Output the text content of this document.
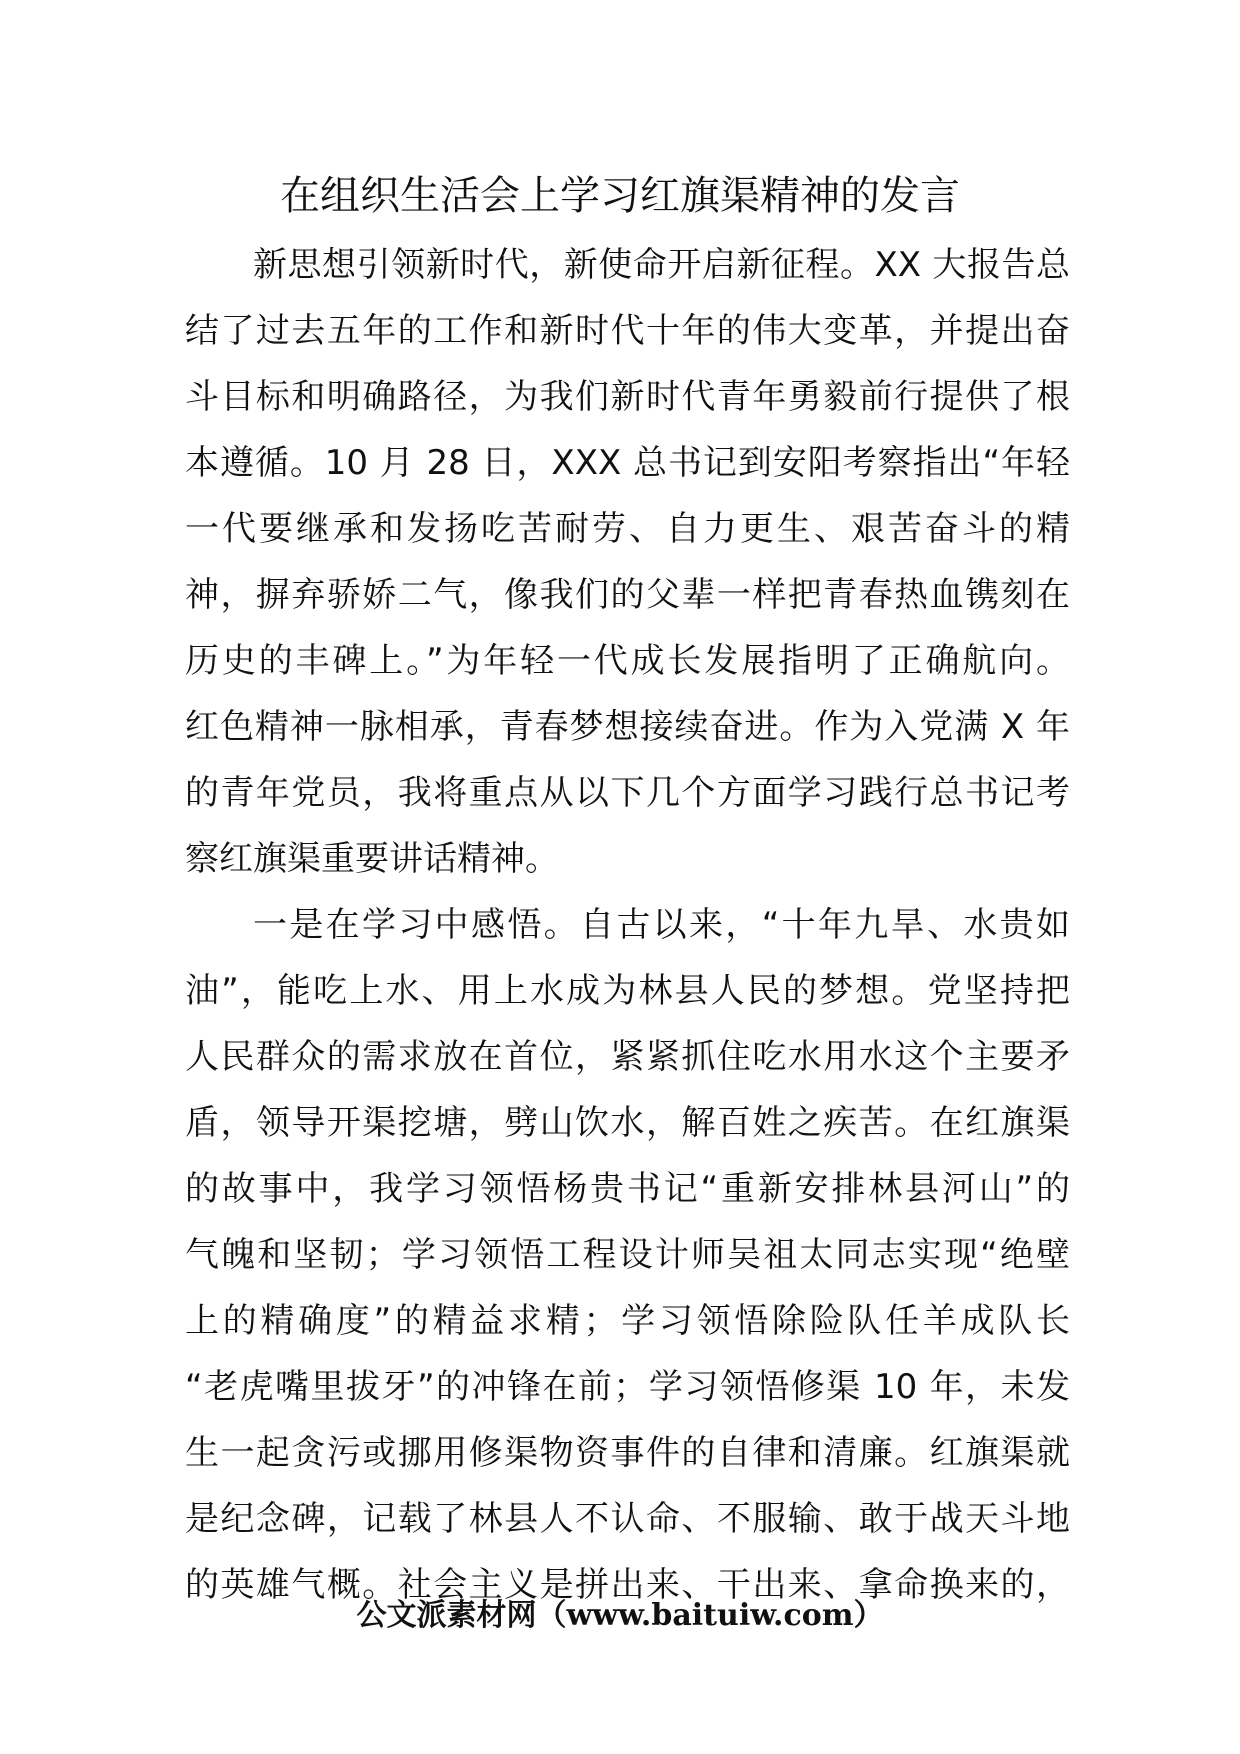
在组织生活会上学习红旗渠精神的发言
新思想引领新时代，新使命开启新征程。XX 大报告总
结了过去五年的工作和新时代十年的伟大变革，并提出奋
斗目标和明确路径，为我们新时代青年勇毅前行提供了根
本遵循。10 月 28 日，XXX 总书记到安阳考察指出“年轻
一代要继承和发扬吃苦耐劳、自力更生、艰苦奋斗的精
神，摒弃骄娇二气，像我们的父辈一样把青春热血镌刻在
历史的丰碑上。”为年轻一代成长发展指明了正确航向。
红色精神一脉相承，青春梦想接续奋进。作为入党满 X 年
的青年党员，我将重点从以下几个方面学习践行总书记考
察红旗渠重要讲话精神。
一是在学习中感悟。自古以来，“十年九旱、水贵如
油”，能吃上水、用上水成为林县人民的梦想。党坚持把
人民群众的需求放在首位，紧紧抓住吃水用水这个主要矛
盾，领导开渠挖塘，劈山饮水，解百姓之疾苦。在红旗渠
的故事中，我学习领悟杨贵书记“重新安排林县河山”的
气魄和坚韧；学习领悟工程设计师吴祖太同志实现“绝壁
上的精确度”的精益求精；学习领悟除险队任羊成队长
“老虎嘴里拔牙”的冲锋在前；学习领悟修渠 10 年，未发
生一起贪污或挪用修渠物资事件的自律和清廉。红旗渠就
是纪念碑，记载了林县人不认命、不服输、敢于战天斗地
的英雄气概。社会主义是拼出来、干出来、拿命换来的，
公文派素材网（www.baituiw.com）
